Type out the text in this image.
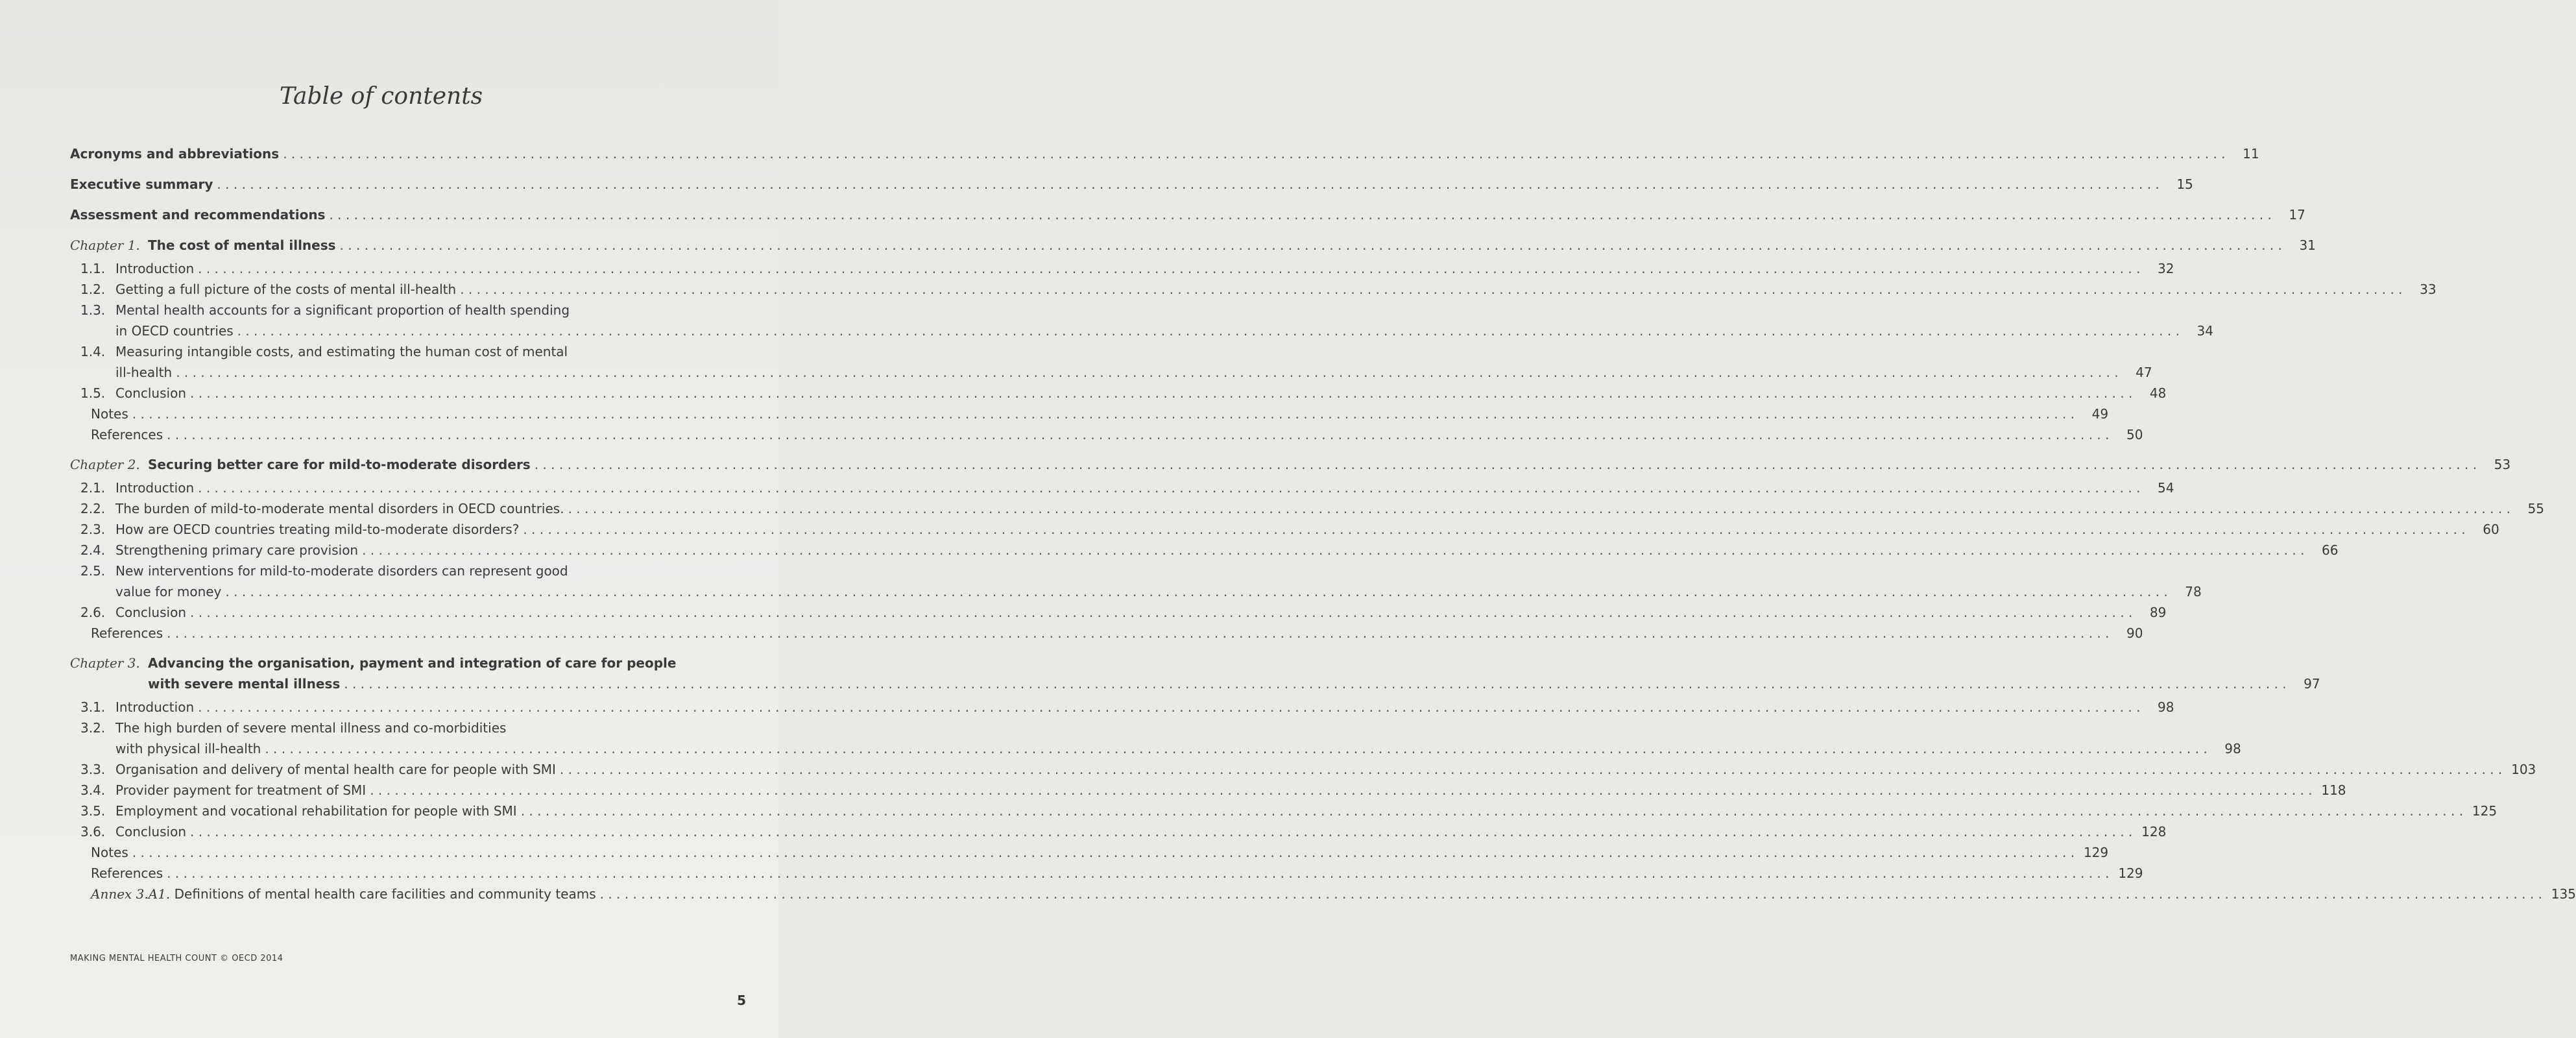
Table of contents
Acronyms and abbreviations . . .	11
Executive summary . . .	15
Assessment and recommendations . . .	17
Chapter 1. The cost of mental illness . . .	31
1.1. Introduction . . .	32
1.2. Getting a full picture of the costs of mental ill-health . . .	33
1.3. Mental health accounts for a significant proportion of health spending
in OECD countries . . .	34
1.4. Measuring intangible costs, and estimating the human cost of mental
ill-health . . .	47
1.5. Conclusion . . .	48
Notes . . .	49
References . . .	50
Chapter 2. Securing better care for mild-to-moderate disorders . . .	53
2.1. Introduction . . .	54
2.2. The burden of mild-to-moderate mental disorders in OECD countries. . . .	55
2.3. How are OECD countries treating mild-to-moderate disorders? . . .	60
2.4. Strengthening primary care provision . . .	66
2.5. New interventions for mild-to-moderate disorders can represent good
value for money . . .	78
2.6. Conclusion . . .	89
References . . .	90
Chapter 3. Advancing the organisation, payment and integration of care for people
with severe mental illness . . .	97
3.1. Introduction . . .	98
3.2. The high burden of severe mental illness and co-morbidities
with physical ill-health . . .	98
3.3. Organisation and delivery of mental health care for people with SMI . . .	103
3.4. Provider payment for treatment of SMI . . .	118
3.5. Employment and vocational rehabilitation for people with SMI . . .	125
3.6. Conclusion . . .	128
Notes . . .	129
References . . .	129
Annex 3.A1. Definitions of mental health care facilities and community teams . . .	135
MAKING MENTAL HEALTH COUNT © OECD 2014
5
